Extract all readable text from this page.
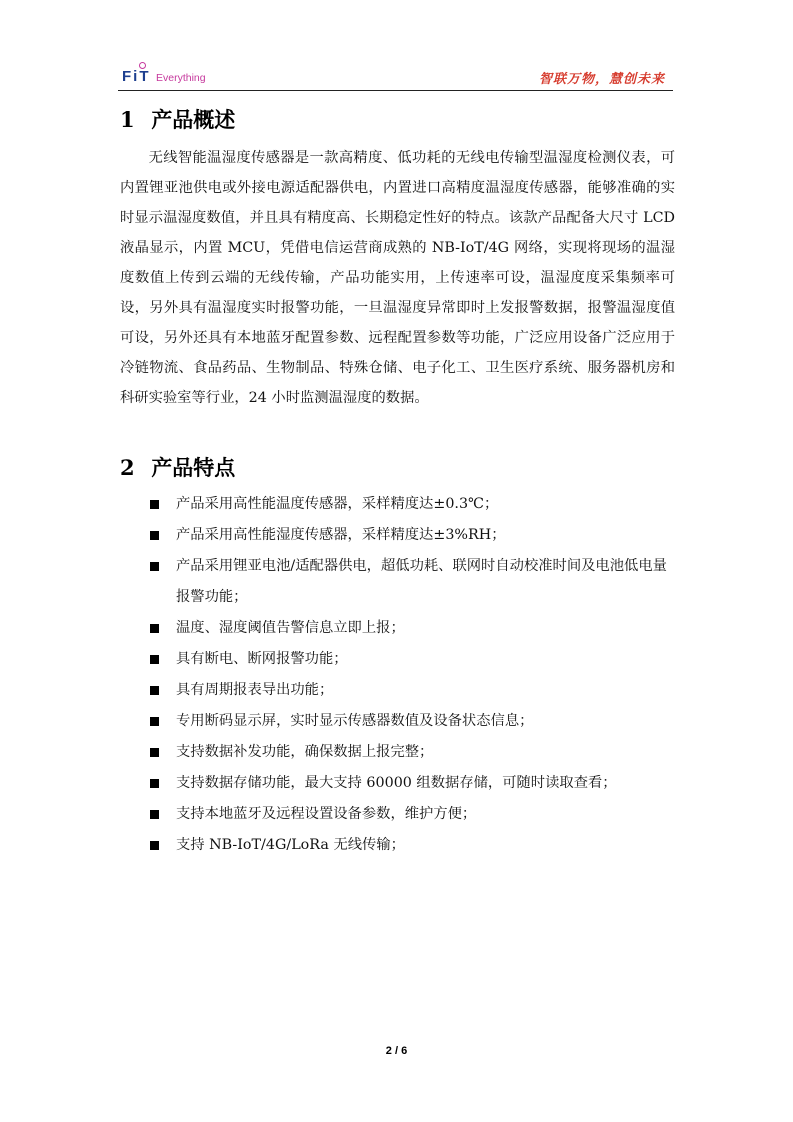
FiT Everything	智联万物，慧创未来
1 产品概述
无线智能温湿度传感器是一款高精度、低功耗的无线电传输型温湿度检测仪表，可内置锂亚池供电或外接电源适配器供电，内置进口高精度温湿度传感器，能够准确的实时显示温湿度数值，并且具有精度高、长期稳定性好的特点。该款产品配备大尺寸 LCD 液晶显示，内置 MCU，凭借电信运营商成熟的 NB-IoT/4G 网络，实现将现场的温湿度数值上传到云端的无线传输，产品功能实用，上传速率可设，温湿度度采集频率可设，另外具有温湿度实时报警功能，一旦温湿度异常即时上发报警数据，报警温湿度值可设，另外还具有本地蓝牙配置参数、远程配置参数等功能，广泛应用设备广泛应用于冷链物流、食品药品、生物制品、特殊仓储、电子化工、卫生医疗系统、服务器机房和科研实验室等行业，24 小时监测温湿度的数据。
2 产品特点
产品采用高性能温度传感器，采样精度达±0.3℃；
产品采用高性能湿度传感器，采样精度达±3%RH；
产品采用锂亚电池/适配器供电，超低功耗、联网时自动校准时间及电池低电量报警功能；
温度、湿度阈值告警信息立即上报；
具有断电、断网报警功能；
具有周期报表导出功能；
专用断码显示屏，实时显示传感器数值及设备状态信息；
支持数据补发功能，确保数据上报完整；
支持数据存储功能，最大支持 60000 组数据存储，可随时读取查看；
支持本地蓝牙及远程设置设备参数，维护方便；
支持 NB-IoT/4G/LoRa 无线传输；
2 / 6
